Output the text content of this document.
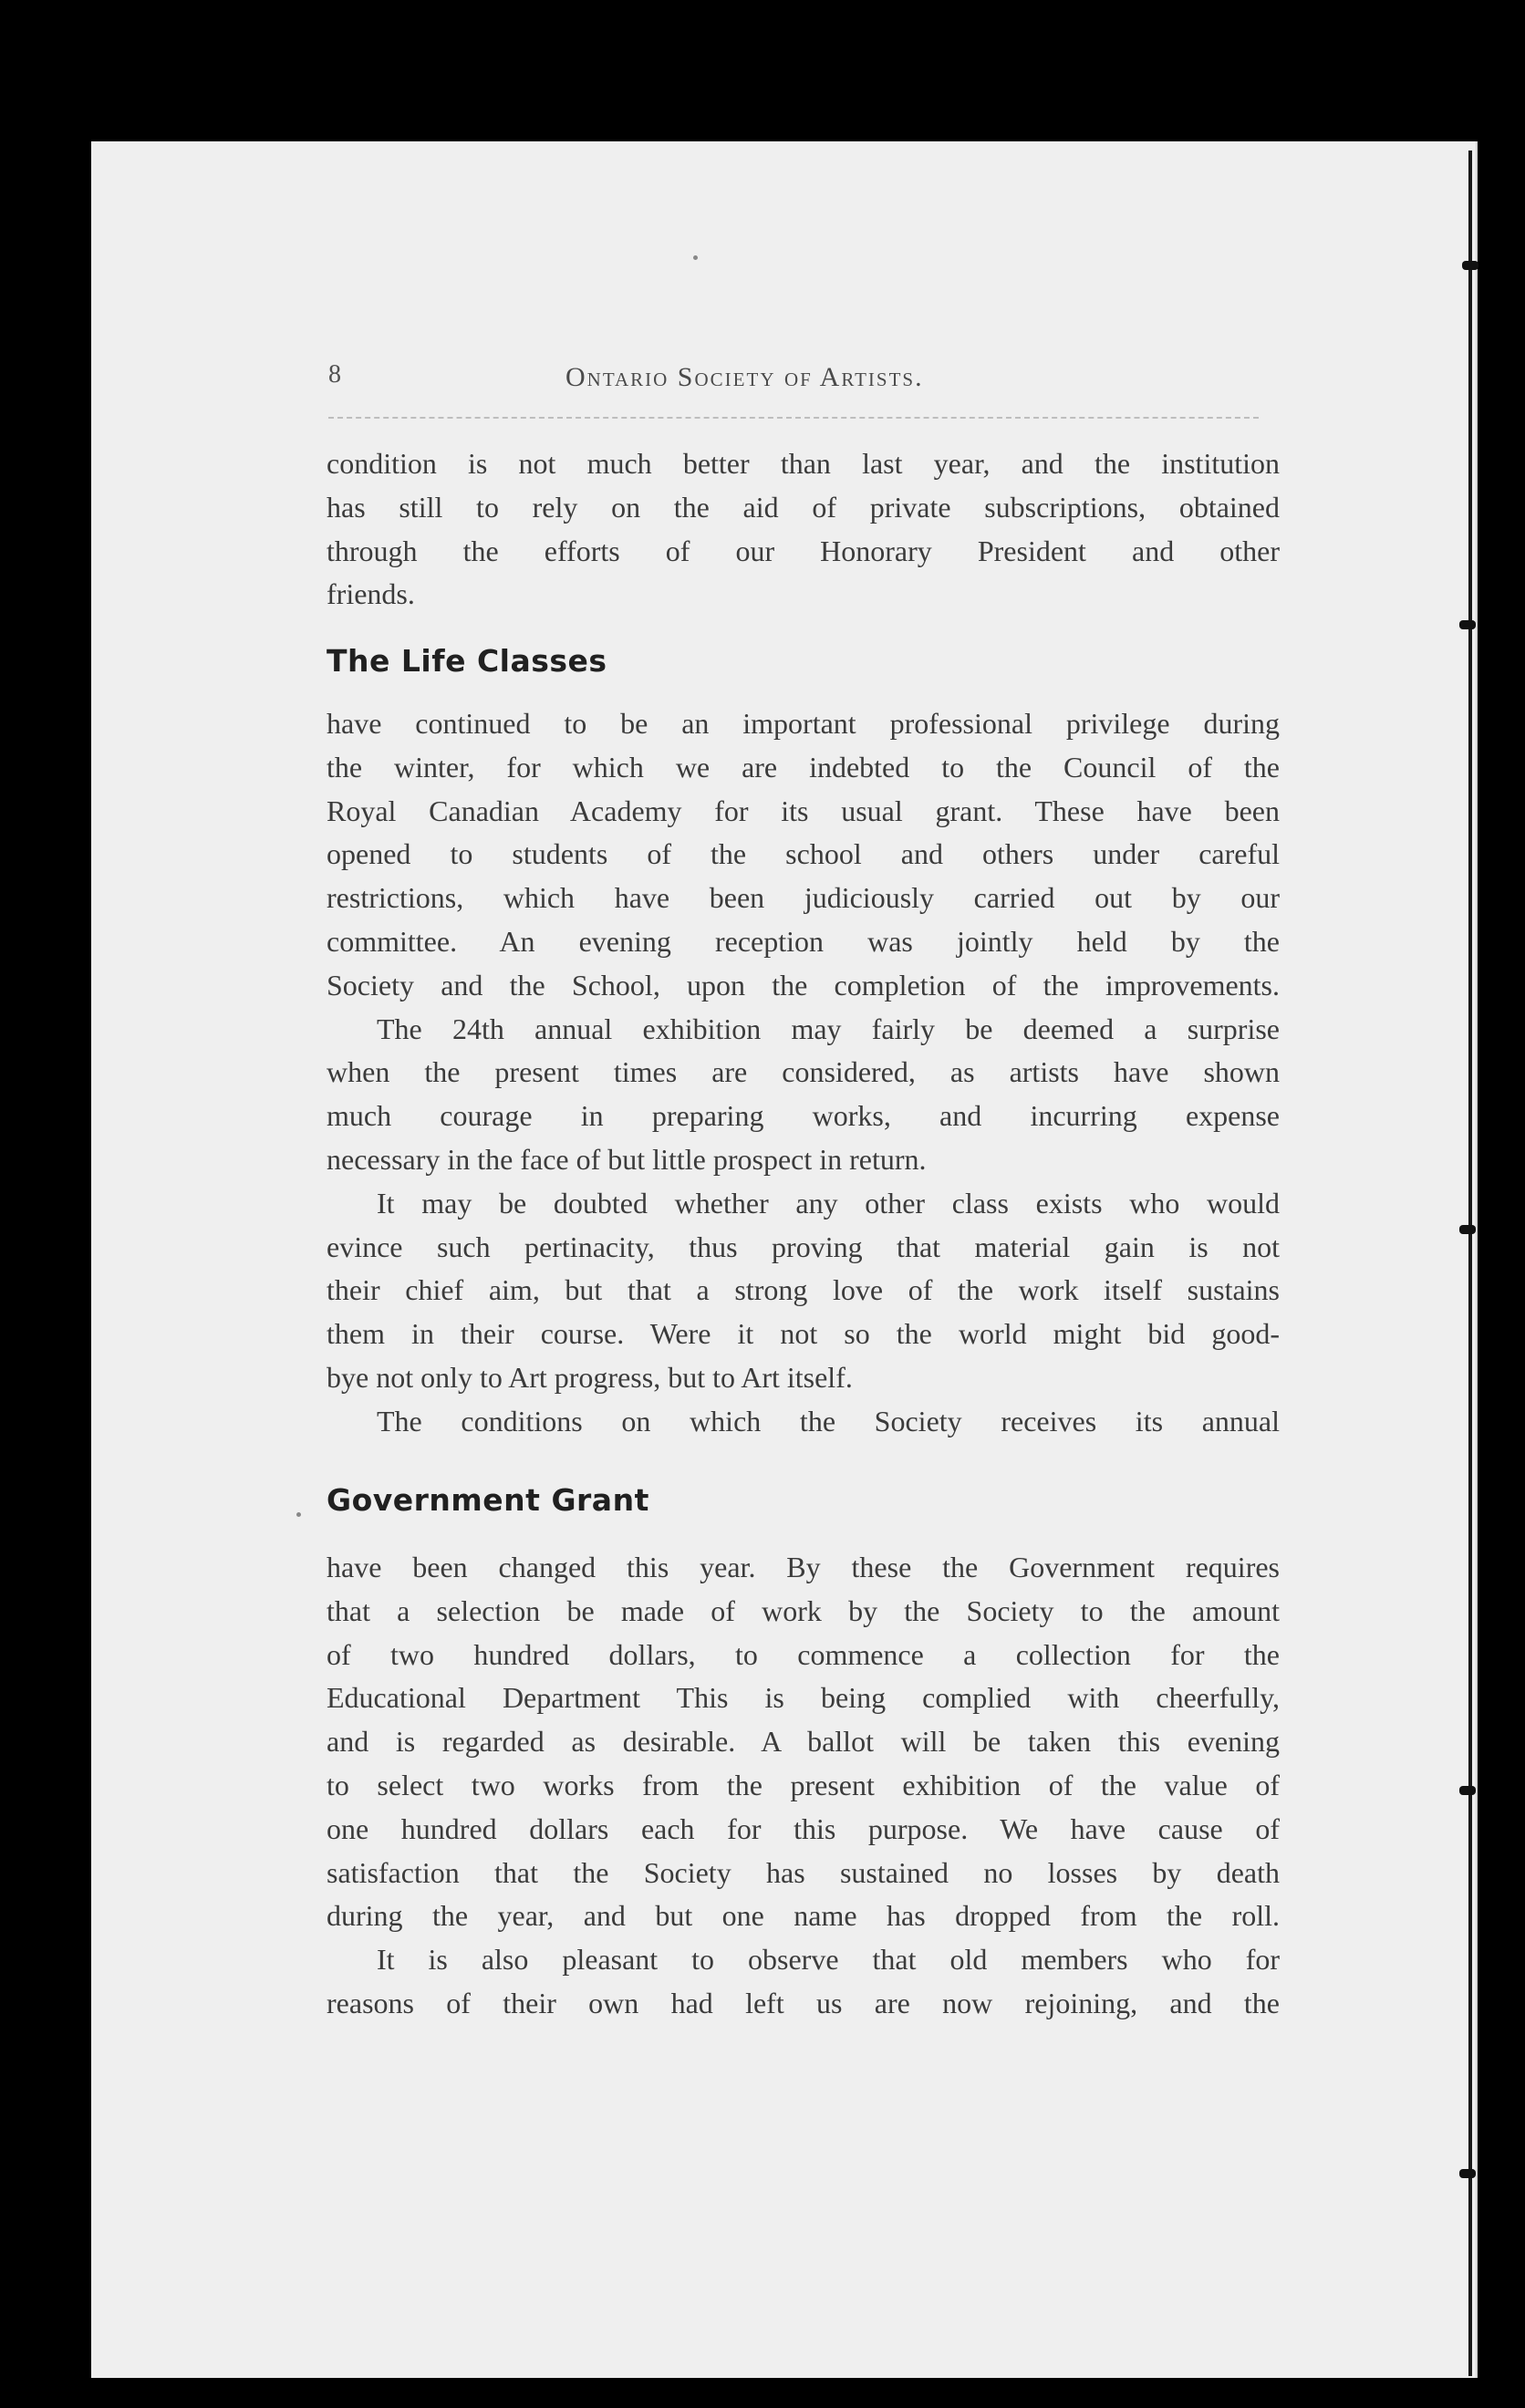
8	Ontario Society of Artists.
condition is not much better than last year, and the institution
has still to rely on the aid of private subscriptions, obtained
through the efforts of our Honorary President and other
friends.
The Life Classes
have continued to be an important professional privilege during
the winter, for which we are indebted to the Council of the
Royal Canadian Academy for its usual grant. These have been
opened to students of the school and others under careful
restrictions, which have been judiciously carried out by our
committee. An evening reception was jointly held by the
Society and the School, upon the completion of the improvements.
The 24th annual exhibition may fairly be deemed a surprise
when the present times are considered, as artists have shown
much courage in preparing works, and incurring expense
necessary in the face of but little prospect in return.
It may be doubted whether any other class exists who would
evince such pertinacity, thus proving that material gain is not
their chief aim, but that a strong love of the work itself sustains
them in their course. Were it not so the world might bid good-
bye not only to Art progress, but to Art itself.
The conditions on which the Society receives its annual
Government Grant
have been changed this year. By these the Government requires
that a selection be made of work by the Society to the amount
of two hundred dollars, to commence a collection for the
Educational Department This is being complied with cheerfully,
and is regarded as desirable. A ballot will be taken this evening
to select two works from the present exhibition of the value of
one hundred dollars each for this purpose. We have cause of
satisfaction that the Society has sustained no losses by death
during the year, and but one name has dropped from the roll.
It is also pleasant to observe that old members who for
reasons of their own had left us are now rejoining, and the
